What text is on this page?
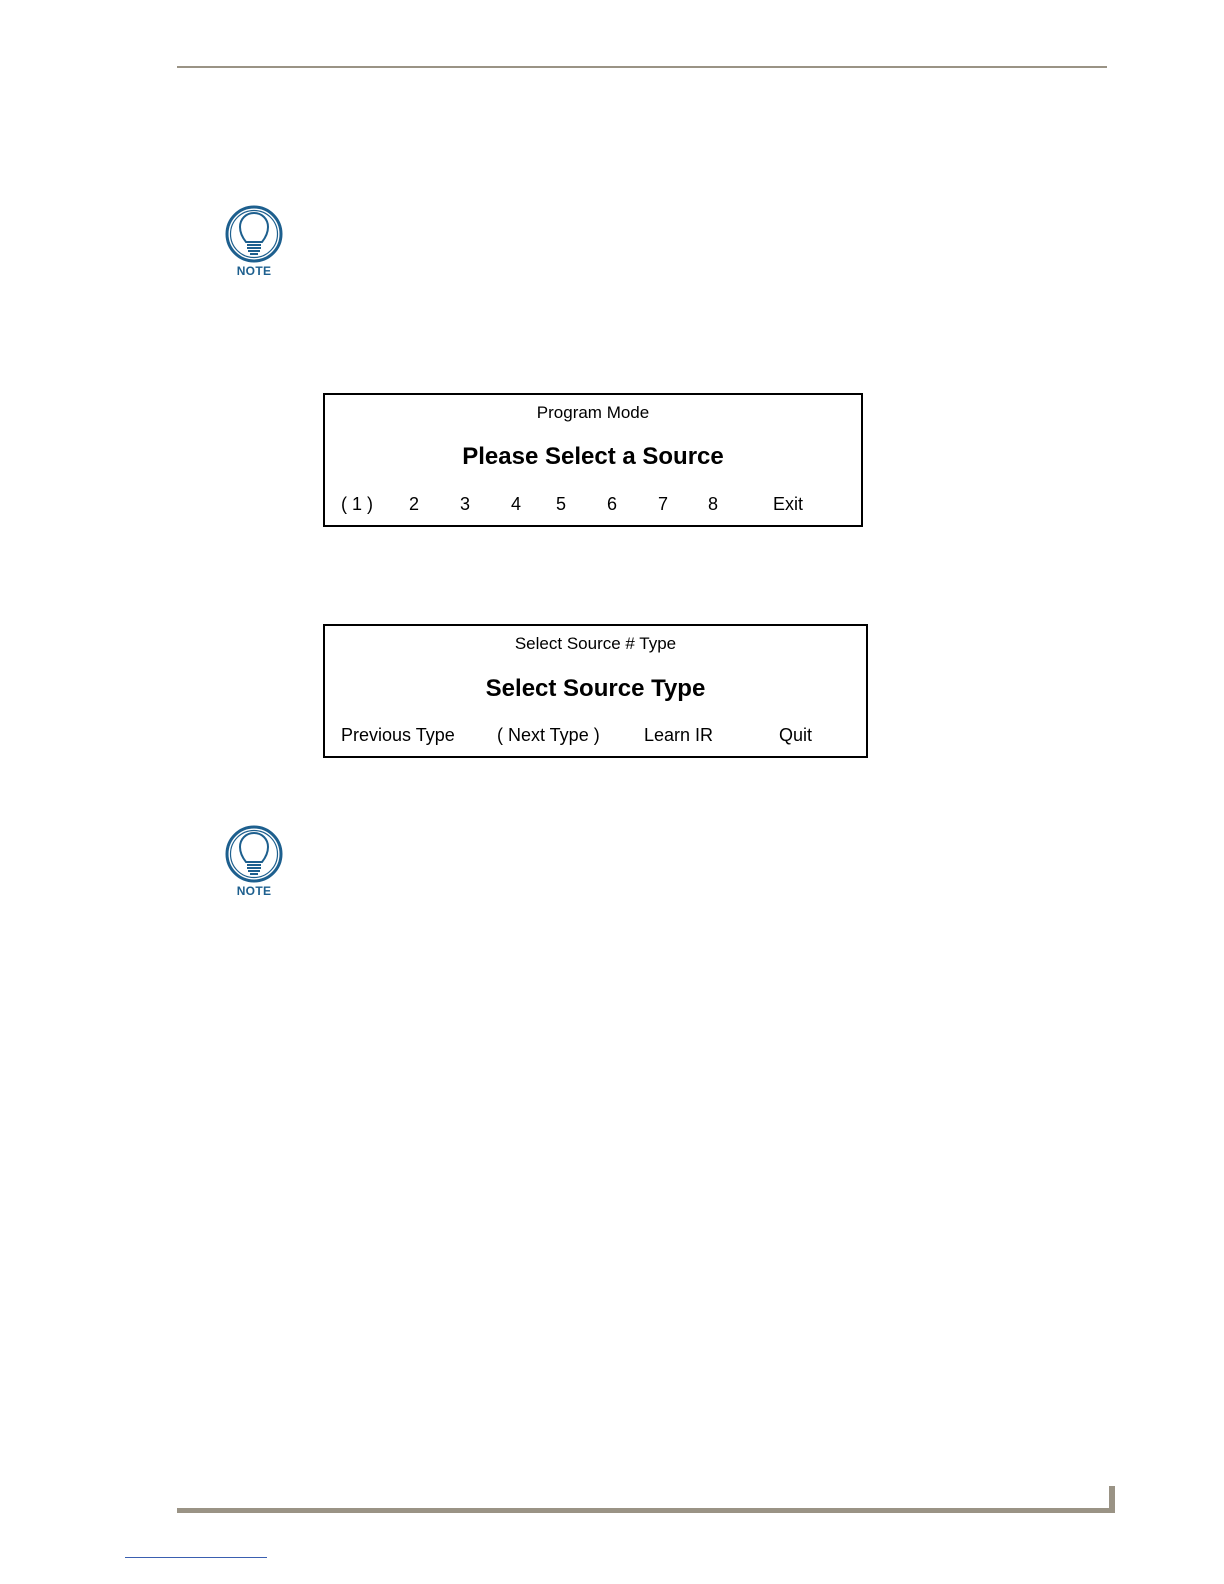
NOTE
Program Mode
Please Select a Source
( 1 ) 2 3 4 5 6 7 8	Exit
Select Source # Type
Select Source Type
Previous Type ( Next Type ) Learn IR	Quit
NOTE
